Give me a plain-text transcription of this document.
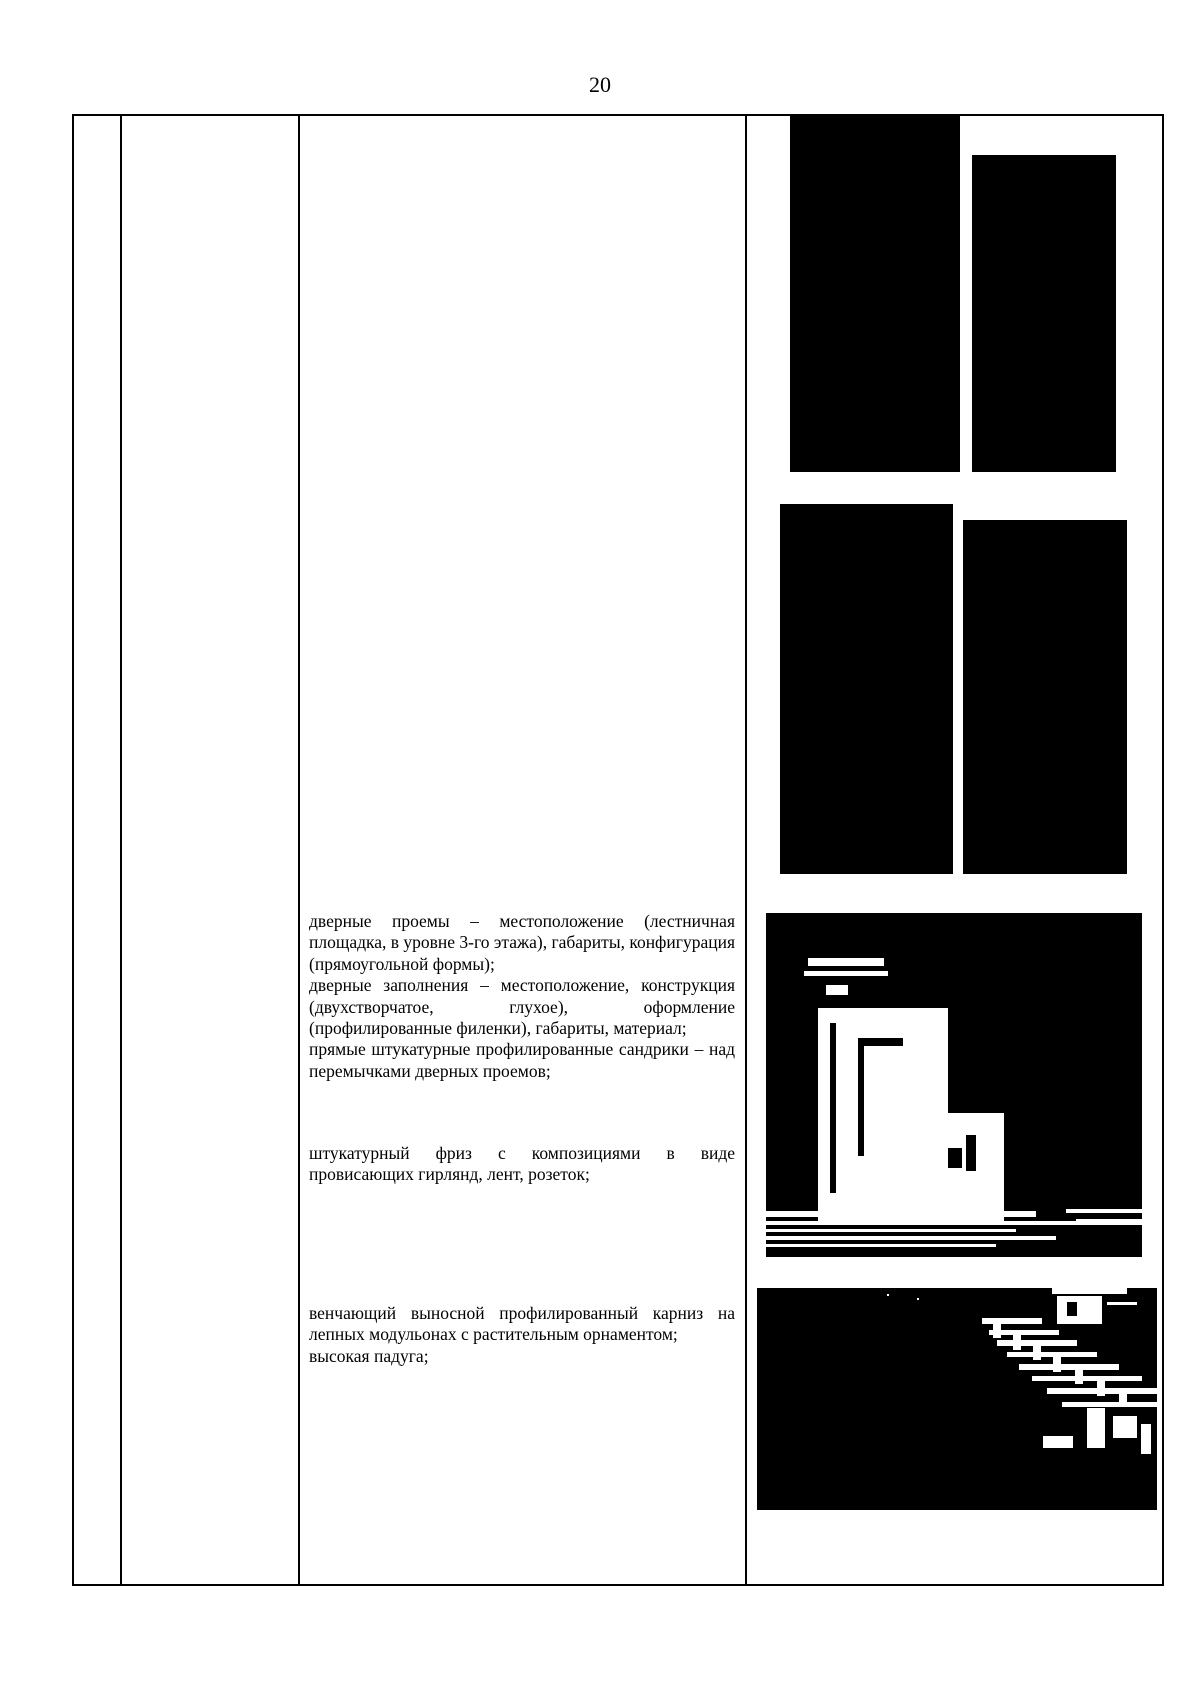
20

дверные проемы – местоположение (лестничная площадка, в уровне 3-го этажа), габариты, конфигурация (прямоугольной формы);

дверные заполнения – местоположение, конструкция (двухстворчатое, глухое), оформление (профилированные филенки), габариты, материал;

прямые штукатурные профилированные сандрики – над перемычками дверных проемов;

штукатурный фриз с композициями в виде провисающих гирлянд, лент, розеток;

венчающий выносной профилированный карниз на лепных модульонах с растительным орнаментом;

высокая падуга;
